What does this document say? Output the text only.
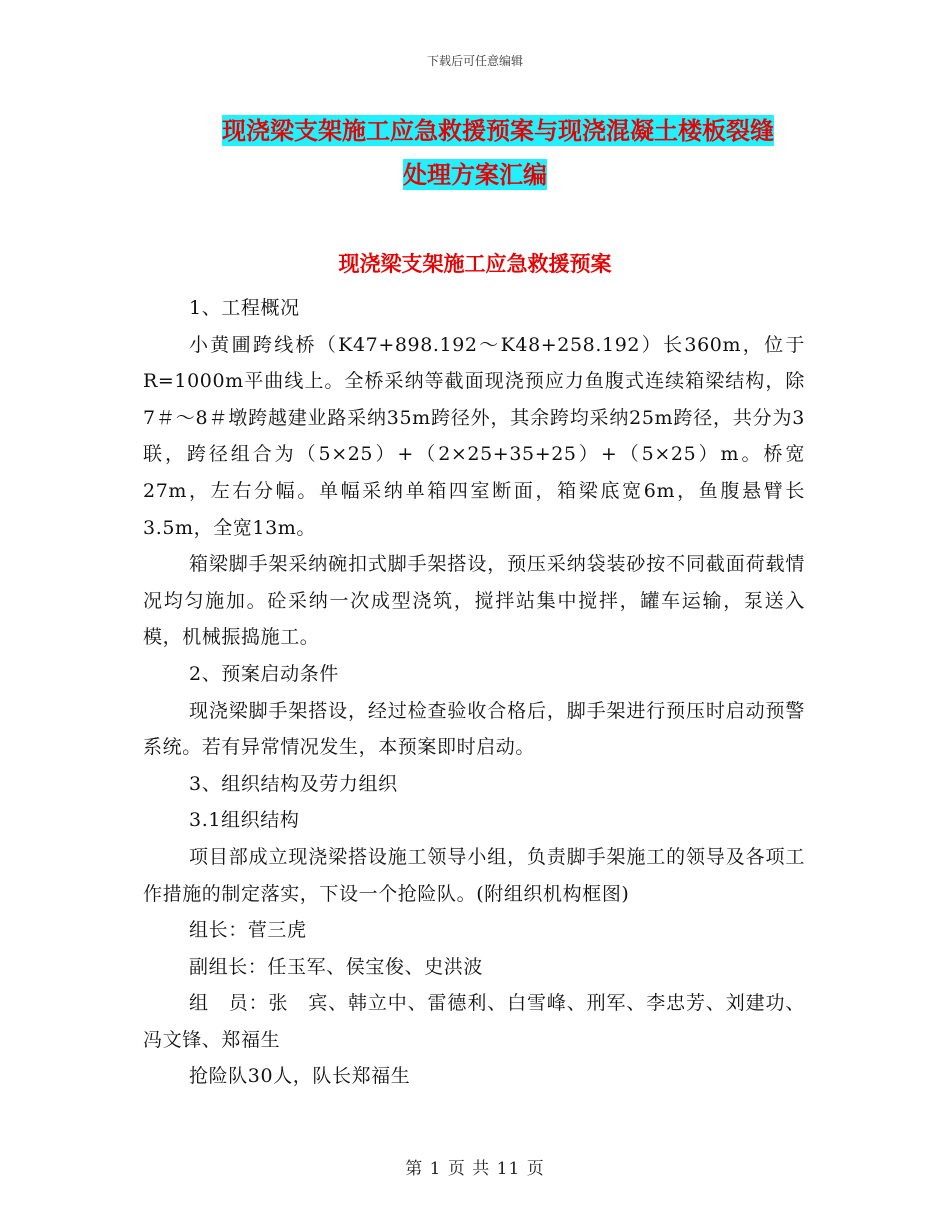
下载后可任意编辑
现浇梁支架施工应急救援预案与现浇混凝土楼板裂缝
处理方案汇编
现浇梁支架施工应急救援预案

1、工程概况

小黄圃跨线桥（K47+898.192～K48+258.192）长360m，位于R=1000m平曲线上。全桥采纳等截面现浇预应力鱼腹式连续箱梁结构，除7＃～8＃墩跨越建业路采纳35m跨径外，其余跨均采纳25m跨径，共分为3联，跨径组合为（5×25）+（2×25+35+25）+（5×25）m。桥宽27m，左右分幅。单幅采纳单箱四室断面，箱梁底宽6m，鱼腹悬臂长3.5m，全宽13m。

箱梁脚手架采纳碗扣式脚手架搭设，预压采纳袋装砂按不同截面荷载情况均匀施加。砼采纳一次成型浇筑，搅拌站集中搅拌，罐车运输，泵送入模，机械振捣施工。

2、预案启动条件

现浇梁脚手架搭设，经过检查验收合格后，脚手架进行预压时启动预警系统。若有异常情况发生，本预案即时启动。

3、组织结构及劳力组织

3.1组织结构

项目部成立现浇梁搭设施工领导小组，负责脚手架施工的领导及各项工作措施的制定落实，下设一个抢险队。(附组织机构框图)

组长：菅三虎

副组长：任玉军、侯宝俊、史洪波

组　员：张　宾、韩立中、雷德利、白雪峰、刑军、李忠芳、刘建功、冯文锋、郑福生

抢险队30人，队长郑福生

第 1 页 共 11 页
